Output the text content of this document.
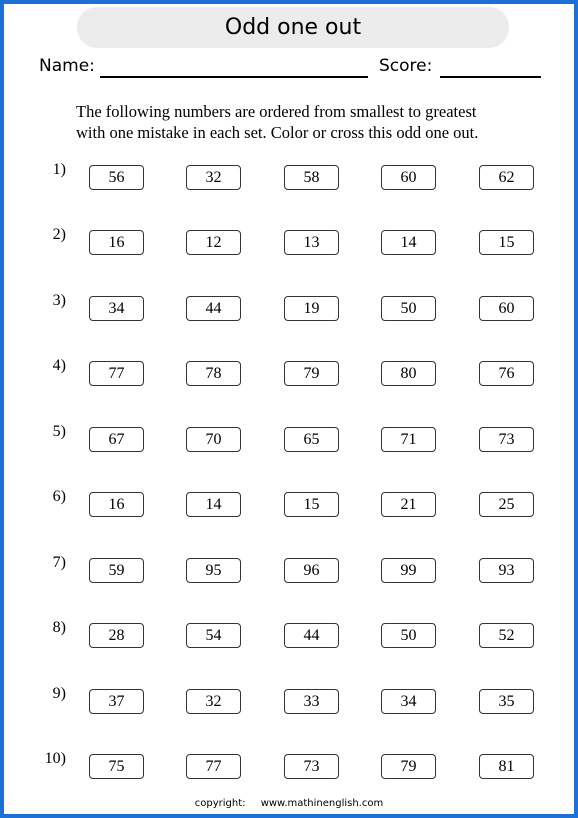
Odd one out
Name:	Score:
The following numbers are ordered from smallest to greatest
with one mistake in each set. Color or cross this odd one out.
1)	56	32	58	60	62
2)	16	12	13	14	15
3)	34	44	19	50	60
4)	77	78	79	80	76
5)	67	70	65	71	73
6)	16	14	15	21	25
7)	59	95	96	99	93
8)	28	54	44	50	52
9)	37	32	33	34	35
10)	75	77	73	79	81
copyright: www.mathinenglish.com
